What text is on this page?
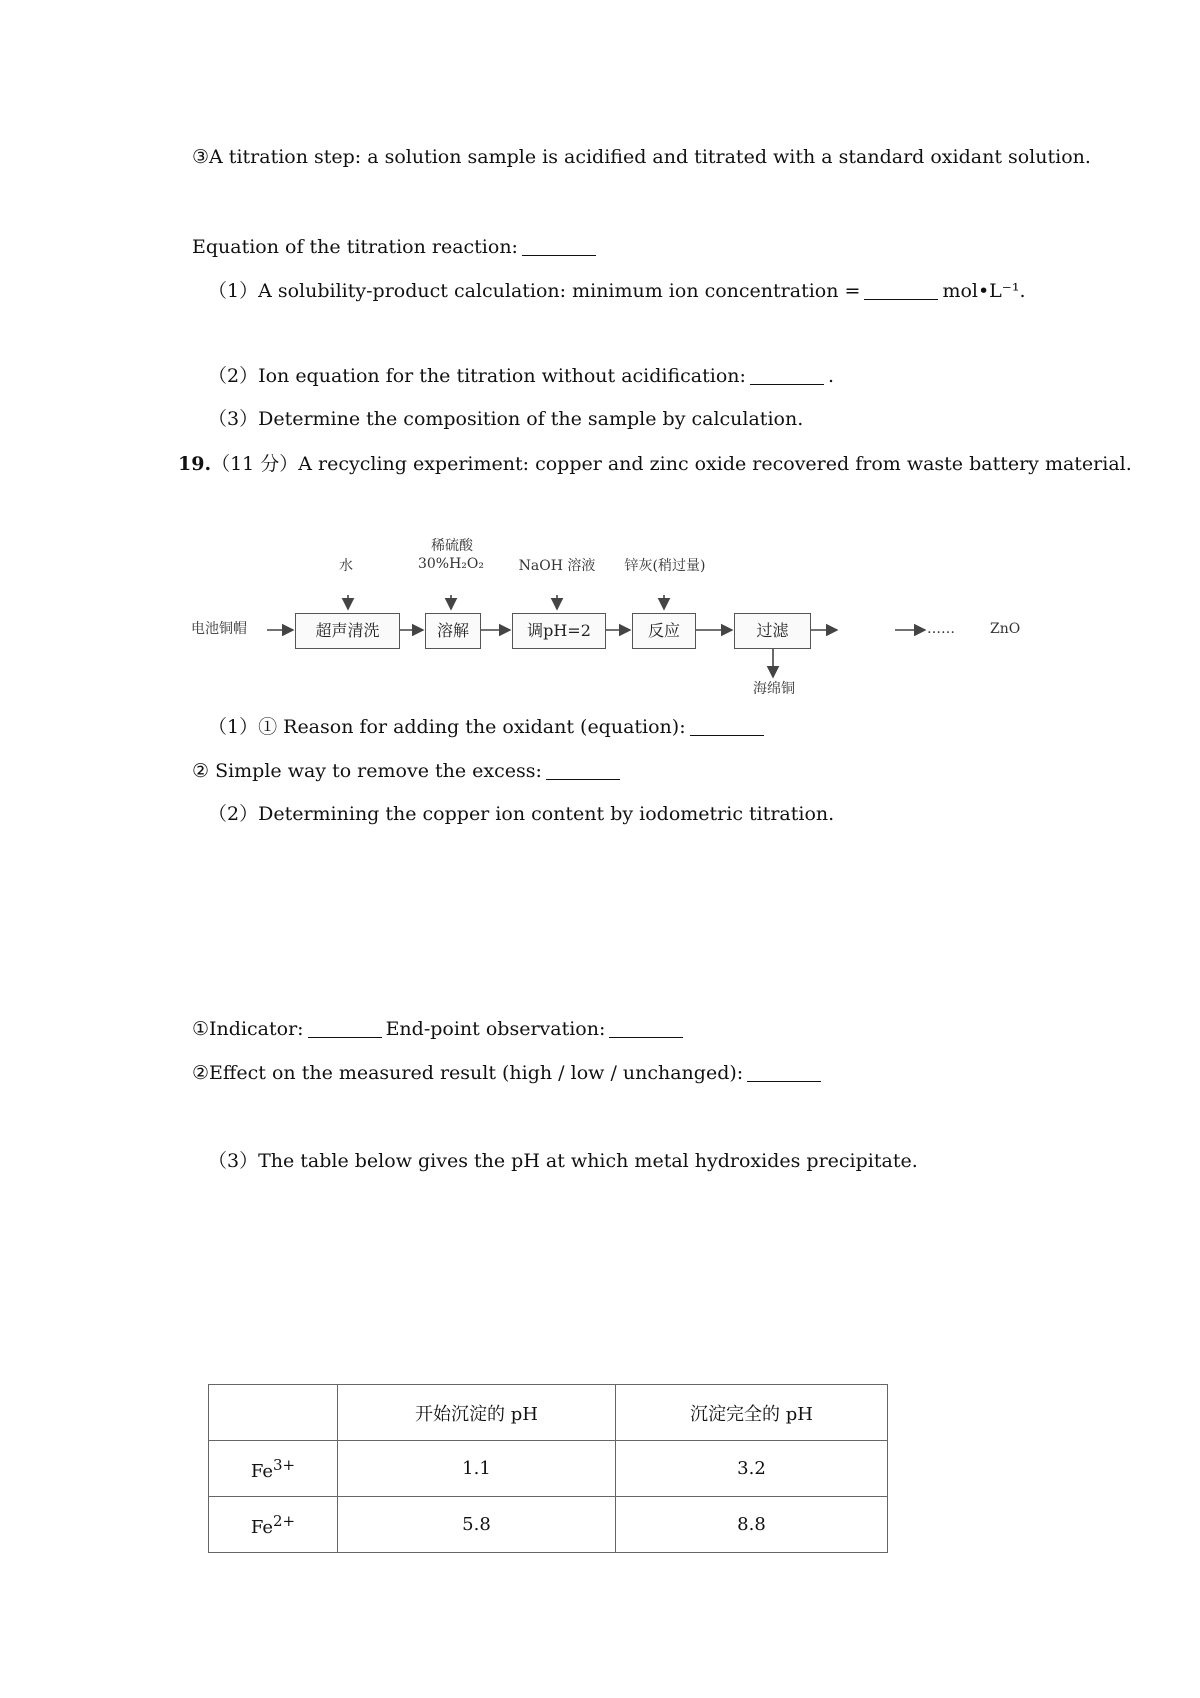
③A titration step: a solution sample is acidified and titrated with a standard oxidant solution.
Equation of the titration reaction:
（1）A solubility-product calculation: minimum ion concentration =	mol•L⁻¹.
（2）Ion equation for the titration without acidification:	.
（3）Determine the composition of the sample by calculation.
19.（11 分）A recycling experiment: copper and zinc oxide recovered from waste battery material.
电池铜帽	超声清洗	溶解	调pH=2	反应	过滤
水
稀硫酸
30%H₂O₂ NaOH 溶液	锌灰(稍过量)
……	ZnO
海绵铜
（1）① Reason for adding the oxidant (equation):
② Simple way to remove the excess:
（2）Determining the copper ion content by iodometric titration.
①Indicator:	End-point observation:
②Effect on the measured result (high / low / unchanged):
（3）The table below gives the pH at which metal hydroxides precipitate.
	开始沉淀的 pH	沉淀完全的 pH
$Fe^{3+}$	1.1	3.2
$Fe^{2+}$	5.8	8.8
